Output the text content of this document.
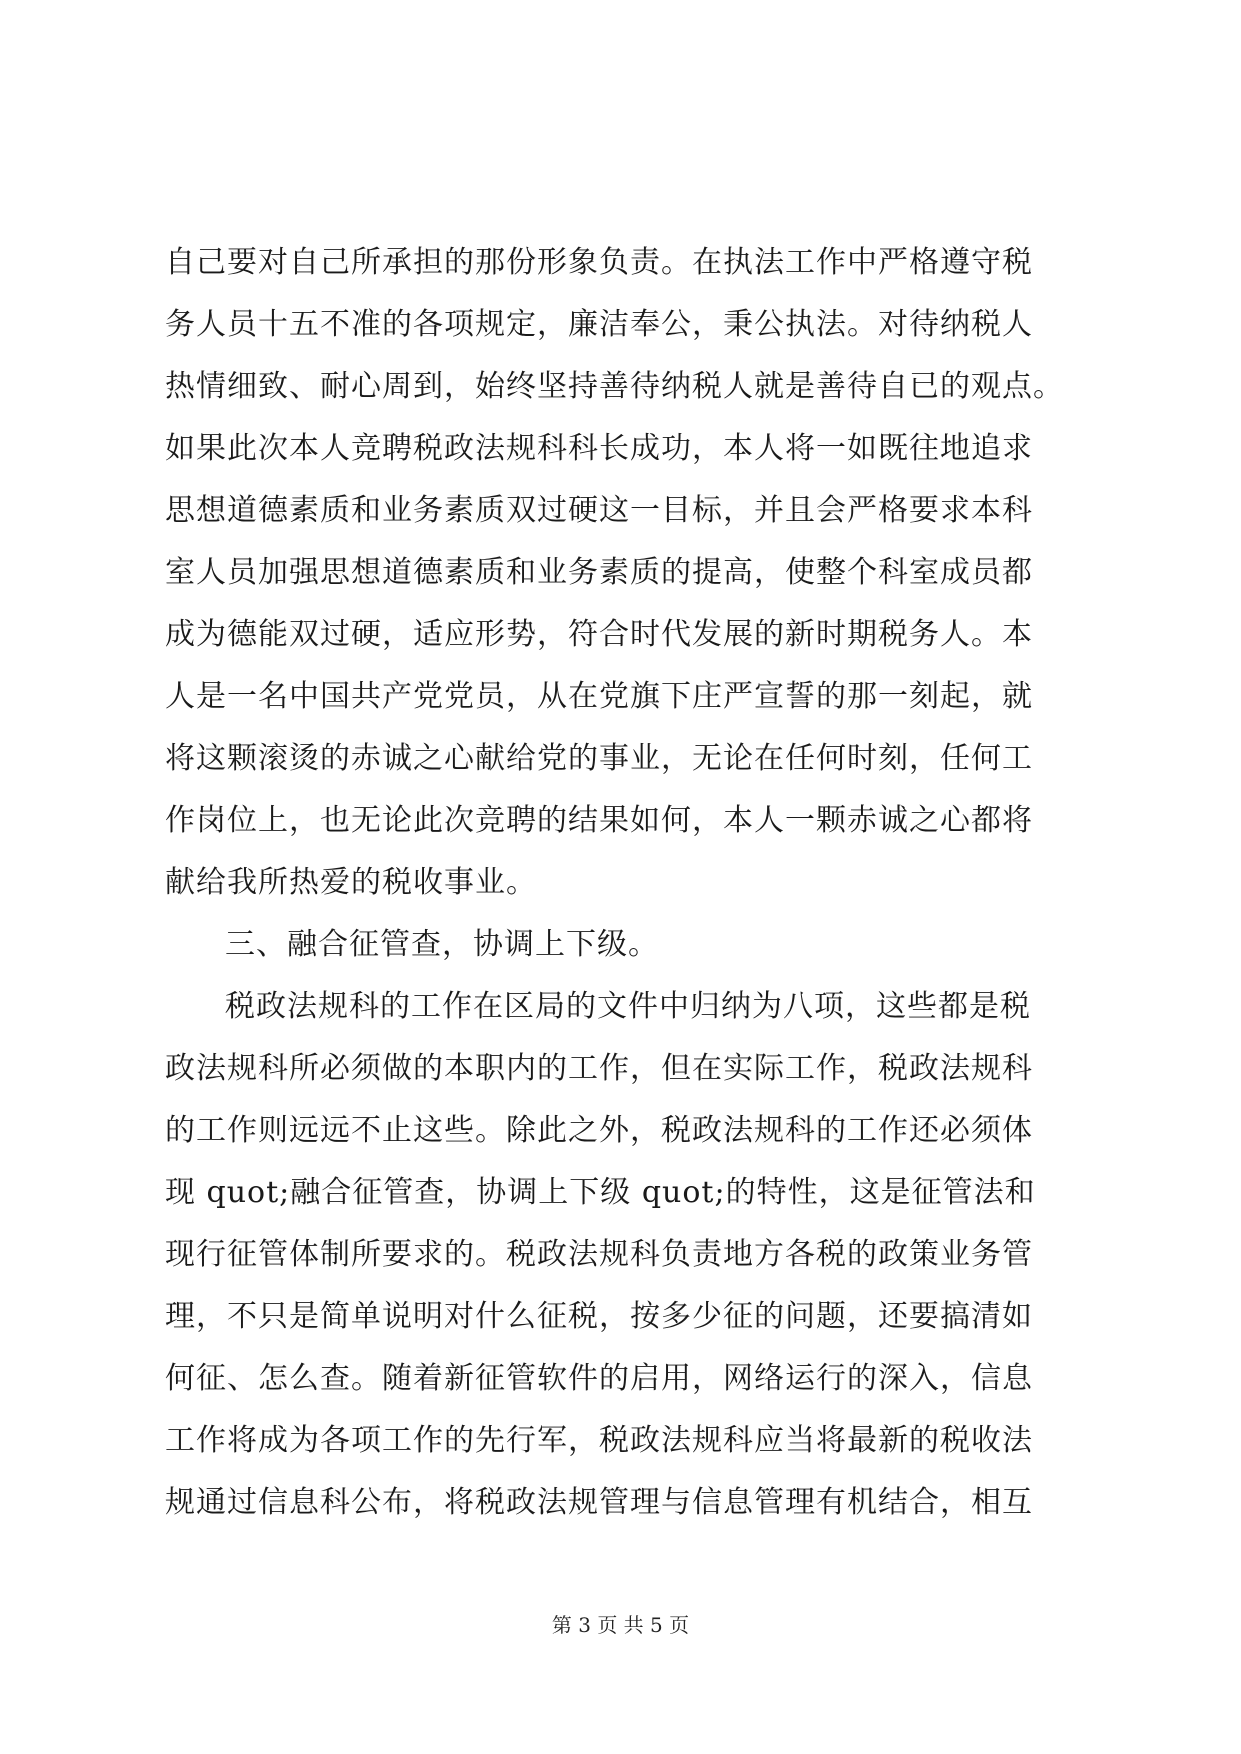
自己要对自己所承担的那份形象负责。在执法工作中严格遵守税
务人员十五不准的各项规定，廉洁奉公，秉公执法。对待纳税人
热情细致、耐心周到，始终坚持善待纳税人就是善待自已的观点。
如果此次本人竞聘税政法规科科长成功，本人将一如既往地追求
思想道德素质和业务素质双过硬这一目标，并且会严格要求本科
室人员加强思想道德素质和业务素质的提高，使整个科室成员都
成为德能双过硬，适应形势，符合时代发展的新时期税务人。本
人是一名中国共产党党员，从在党旗下庄严宣誓的那一刻起，就
将这颗滚烫的赤诚之心献给党的事业，无论在任何时刻，任何工
作岗位上，也无论此次竞聘的结果如何，本人一颗赤诚之心都将
献给我所热爱的税收事业。
三、融合征管查，协调上下级。
税政法规科的工作在区局的文件中归纳为八项，这些都是税
政法规科所必须做的本职内的工作，但在实际工作，税政法规科
的工作则远远不止这些。除此之外，税政法规科的工作还必须体
现 quot;融合征管查，协调上下级 quot;的特性，这是征管法和
现行征管体制所要求的。税政法规科负责地方各税的政策业务管
理，不只是简单说明对什么征税，按多少征的问题，还要搞清如
何征、怎么查。随着新征管软件的启用，网络运行的深入，信息
工作将成为各项工作的先行军，税政法规科应当将最新的税收法
规通过信息科公布，将税政法规管理与信息管理有机结合，相互
第 3 页 共 5 页
